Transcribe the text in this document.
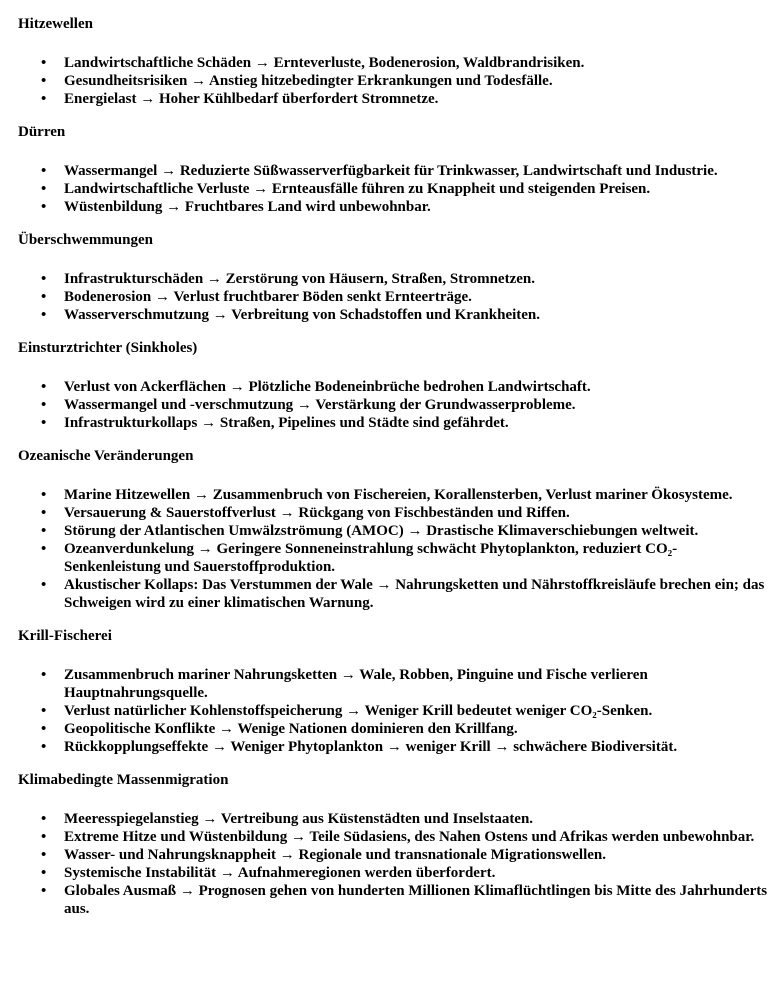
Hitzewellen
•	Landwirtschaftliche Schäden → Ernteverluste, Bodenerosion, Waldbrandrisiken.
•	Gesundheitsrisiken → Anstieg hitzebedingter Erkrankungen und Todesfälle.
•	Energielast → Hoher Kühlbedarf überfordert Stromnetze.
Dürren
•	Wassermangel → Reduzierte Süßwasserverfügbarkeit für Trinkwasser, Landwirtschaft und Industrie.
•	Landwirtschaftliche Verluste → Ernteausfälle führen zu Knappheit und steigenden Preisen.
•	Wüstenbildung → Fruchtbares Land wird unbewohnbar.
Überschwemmungen
•	Infrastrukturschäden → Zerstörung von Häusern, Straßen, Stromnetzen.
•	Bodenerosion → Verlust fruchtbarer Böden senkt Ernteerträge.
•	Wasserverschmutzung → Verbreitung von Schadstoffen und Krankheiten.
Einsturztrichter (Sinkholes)
•	Verlust von Ackerflächen → Plötzliche Bodeneinbrüche bedrohen Landwirtschaft.
•	Wassermangel und -verschmutzung → Verstärkung der Grundwasserprobleme.
•	Infrastrukturkollaps → Straßen, Pipelines und Städte sind gefährdet.
Ozeanische Veränderungen
•	Marine Hitzewellen → Zusammenbruch von Fischereien, Korallensterben, Verlust mariner Ökosysteme.
•	Versauerung & Sauerstoffverlust → Rückgang von Fischbeständen und Riffen.
•	Störung der Atlantischen Umwälzströmung (AMOC) → Drastische Klimaverschiebungen weltweit.
•	Ozeanverdunkelung → Geringere Sonneneinstrahlung schwächt Phytoplankton, reduziert CO₂-Senkenleistung und Sauerstoffproduktion.
•	Akustischer Kollaps: Das Verstummen der Wale → Nahrungsketten und Nährstoffkreisläufe brechen ein; das Schweigen wird zu einer klimatischen Warnung.
Krill-Fischerei
•	Zusammenbruch mariner Nahrungsketten → Wale, Robben, Pinguine und Fische verlieren Hauptnahrungsquelle.
•	Verlust natürlicher Kohlenstoffspeicherung → Weniger Krill bedeutet weniger CO₂-Senken.
•	Geopolitische Konflikte → Wenige Nationen dominieren den Krillfang.
•	Rückkopplungseffekte → Weniger Phytoplankton → weniger Krill → schwächere Biodiversität.
Klimabedingte Massenmigration
•	Meeresspiegelanstieg → Vertreibung aus Küstenstädten und Inselstaaten.
•	Extreme Hitze und Wüstenbildung → Teile Südasiens, des Nahen Ostens und Afrikas werden unbewohnbar.
•	Wasser- und Nahrungsknappheit → Regionale und transnationale Migrationswellen.
•	Systemische Instabilität → Aufnahmeregionen werden überfordert.
•	Globales Ausmaß → Prognosen gehen von hunderten Millionen Klimaflüchtlingen bis Mitte des Jahrhunderts aus.
